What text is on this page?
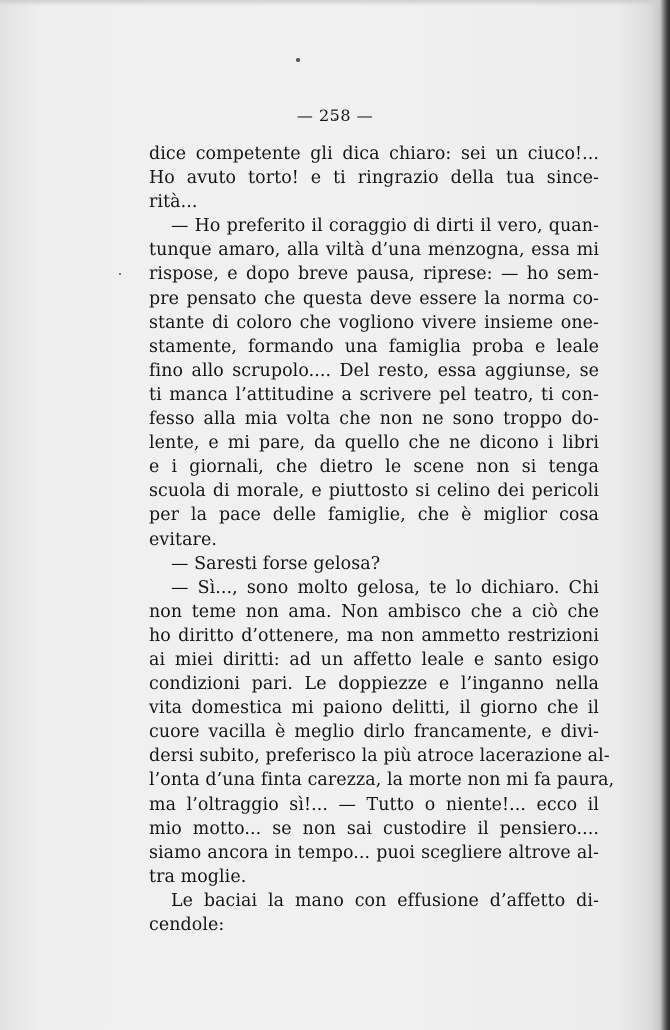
— 258 —
dice competente gli dica chiaro: sei un ciuco!...
Ho avuto torto! e ti ringrazio della tua since-
rità...
— Ho preferito il coraggio di dirti il vero, quan-
tunque amaro, alla viltà d’una menzogna, essa mi
rispose, e dopo breve pausa, riprese: — ho sem-
pre pensato che questa deve essere la norma co-
stante di coloro che vogliono vivere insieme one-
stamente, formando una famiglia proba e leale
fino allo scrupolo.... Del resto, essa aggiunse, se
ti manca l’attitudine a scrivere pel teatro, ti con-
fesso alla mia volta che non ne sono troppo do-
lente, e mi pare, da quello che ne dicono i libri
e i giornali, che dietro le scene non si tenga
scuola di morale, e piuttosto si celino dei pericoli
per la pace delle famiglie, che è miglior cosa
evitare.
— Saresti forse gelosa?
— Sì..., sono molto gelosa, te lo dichiaro. Chi
non teme non ama. Non ambisco che a ciò che
ho diritto d’ottenere, ma non ammetto restrizioni
ai miei diritti: ad un affetto leale e santo esigo
condizioni pari. Le doppiezze e l’inganno nella
vita domestica mi paiono delitti, il giorno che il
cuore vacilla è meglio dirlo francamente, e divi-
dersi subito, preferisco la più atroce lacerazione al-
l’onta d’una finta carezza, la morte non mi fa paura,
ma l’oltraggio sì!... — Tutto o niente!... ecco il
mio motto... se non sai custodire il pensiero....
siamo ancora in tempo... puoi scegliere altrove al-
tra moglie.
Le baciai la mano con effusione d’affetto di-
cendole:
